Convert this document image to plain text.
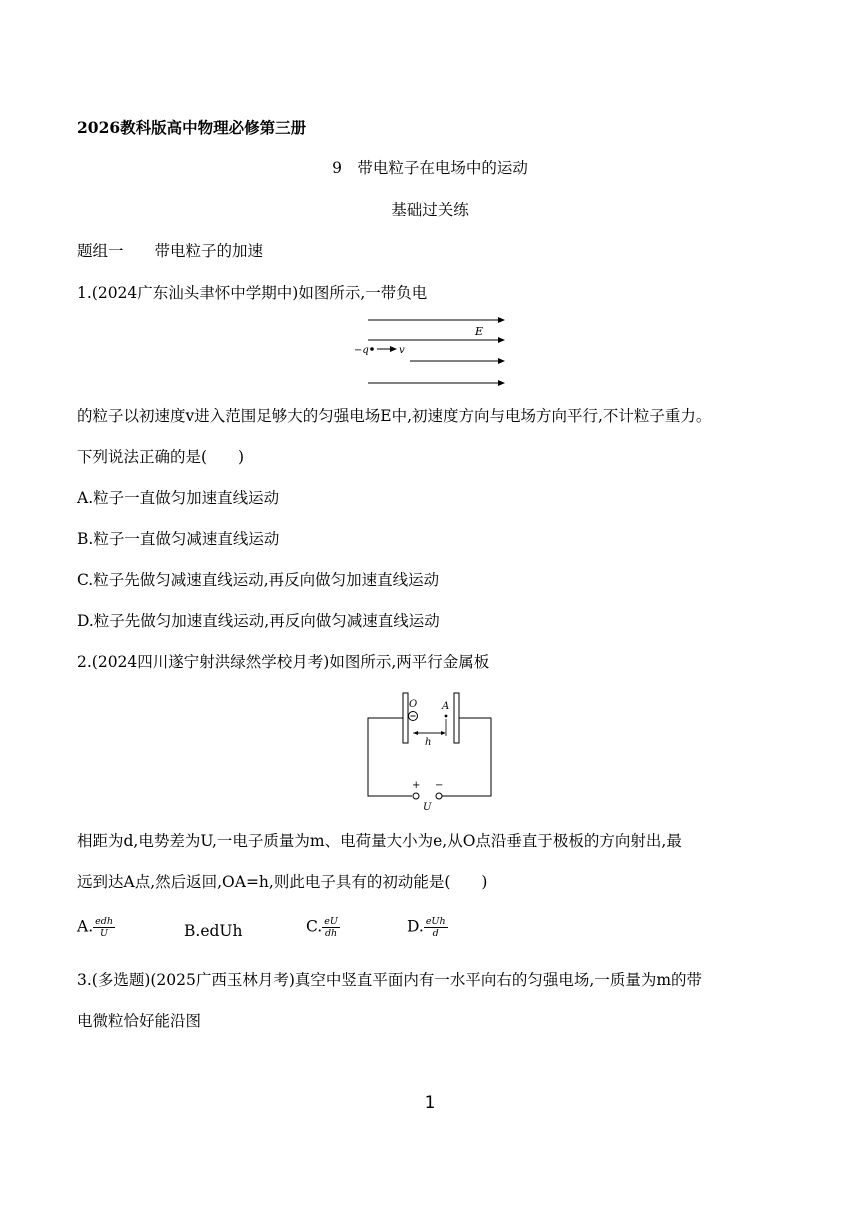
2026教科版高中物理必修第三册
9　带电粒子在电场中的运动
基础过关练
题组一　　带电粒子的加速
1.(2024广东汕头聿怀中学期中)如图所示,一带负电
E
−q	v
的粒子以初速度v进入范围足够大的匀强电场E中,初速度方向与电场方向平行,不计粒子重力。
下列说法正确的是(　　)
A.粒子一直做匀加速直线运动
B.粒子一直做匀减速直线运动
C.粒子先做匀减速直线运动,再反向做匀加速直线运动
D.粒子先做匀加速直线运动,再反向做匀减速直线运动
2.(2024四川遂宁射洪绿然学校月考)如图所示,两平行金属板
O A
h
+ −
U
相距为d,电势差为U,一电子质量为m、电荷量大小为e,从O点沿垂直于极板的方向射出,最
远到达A点,然后返回,OA=h,则此电子具有的初动能是(　　)
A. $\frac{\text{edh}}{U}$	B.edUh	C. $\frac{eU}{dh}$	D. $\frac{\text{eUh}}{d}$
3.(多选题)(2025广西玉林月考)真空中竖直平面内有一水平向右的匀强电场,一质量为m的带
电微粒恰好能沿图
1
